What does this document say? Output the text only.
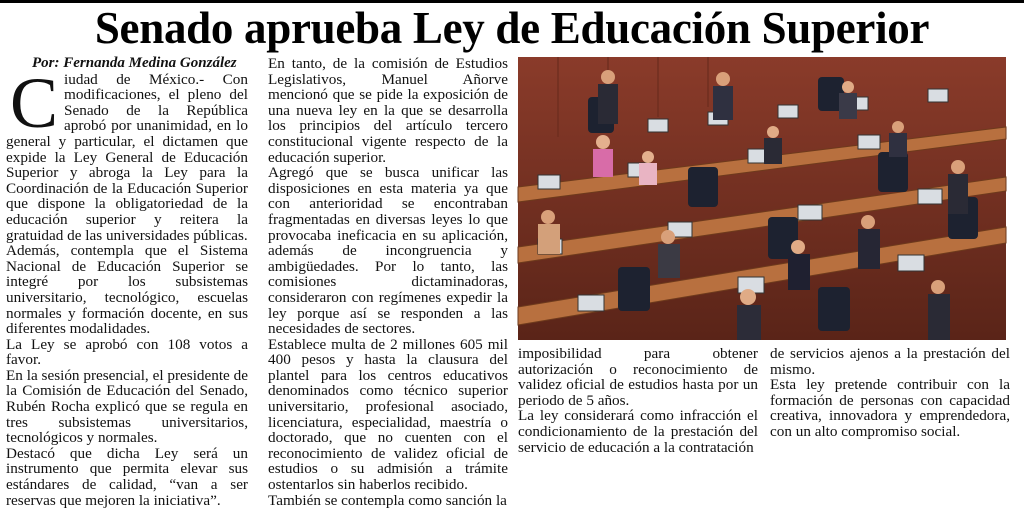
Senado aprueba Ley de Educación Superior

Por: Fernanda Medina González

Ciudad de México.- Con modificaciones, el pleno del Senado de la República aprobó por unanimidad, en lo general y particular, el dictamen que expide la Ley General de Educación Superior y abroga la Ley para la Coordinación de la Educación Superior que dispone la obligatoriedad de la educación superior y reitera la gratuidad de las universidades públicas.

Además, contempla que el Sistema Nacional de Educación Superior se integré por los subsistemas universitario, tecnológico, escuelas normales y formación docente, en sus diferentes modalidades.

La Ley se aprobó con 108 votos a favor.

En la sesión presencial, el presidente de la Comisión de Educación del Senado, Rubén Rocha explicó que se regula en tres subsistemas universitarios, tecnológicos y normales.

Destacó que dicha Ley será un instrumento que permita elevar sus estándares de calidad, “van a ser reservas que mejoren la iniciativa”.

En tanto, de la comisión de Estudios Legislativos, Manuel Añorve mencionó que se pide la exposición de una nueva ley en la que se desarrolla los principios del artículo tercero constitucional vigente respecto de la educación superior.

Agregó que se busca unificar las disposiciones en esta materia ya que con anterioridad se encontraban fragmentadas en diversas leyes lo que provocaba ineficacia en su aplicación, además de incongruencia y ambigüedades. Por lo tanto, las comisiones dictaminadoras, consideraron con regímenes expedir la ley porque así se responden a las necesidades de sectores.

Establece multa de 2 millones 605 mil 400 pesos y hasta la clausura del plantel para los centros educativos denominados como técnico superior universitario, profesional asociado, licenciatura, especialidad, maestría o doctorado, que no cuenten con el reconocimiento de validez oficial de estudios o su admisión a trámite ostentarlos sin haberlos recibido.

También se contempla como sanción la

imposibilidad para obtener autorización o reconocimiento de validez oficial de estudios hasta por un periodo de 5 años.

La ley considerará como infracción el condicionamiento de la prestación del servicio de educación a la contratación

de servicios ajenos a la prestación del mismo.

Esta ley pretende contribuir con la formación de personas con capacidad creativa, innovadora y emprendedora, con un alto compromiso social.
